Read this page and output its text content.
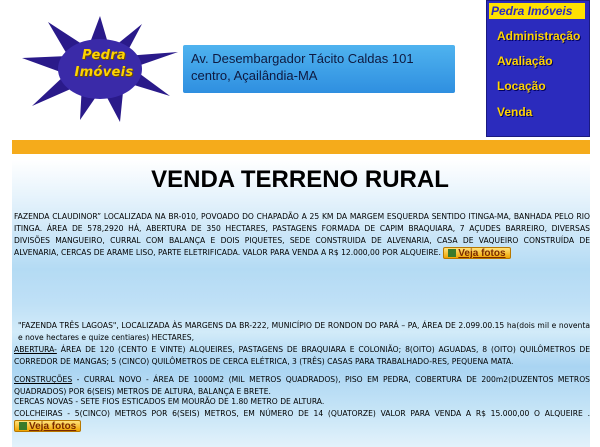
Pedra
Imóveis
Av. Desembargador Tácito Caldas 101
centro, Açailândia-MA
Pedra Imóveis
Administração
Avaliação
Locação
Venda
VENDA TERRENO RURAL
FAZENDA CLAUDINOR” LOCALIZADA NA BR-010, POVOADO DO CHAPADÃO A 25 KM DA MARGEM ESQUERDA SENTIDO ITINGA-MA, BANHADA PELO RIO ITINGA. ÁREA DE 578,2920 HÁ, ABERTURA DE 350 HECTARES, PASTAGENS FORMADA DE CAPIM BRAQUIARA, 7 AÇUDES BARREIRO, DIVERSAS DIVISÕES MANGUEIRO, CURRAL COM BALANÇA E DOIS PIQUETES, SEDE CONSTRUIDA DE ALVENARIA, CASA DE VAQUEIRO CONSTRUÍDA DE ALVENARIA, CERCAS DE ARAME LISO, PARTE ELETRIFICADA. VALOR PARA VENDA A R$ 12.000,00 POR ALQUEIRE. Veja fotos
"FAZENDA TRÊS LAGOAS", LOCALIZADA ÀS MARGENS DA BR-222, MUNICÍPIO DE RONDON DO PARÁ – PA, ÁREA DE 2.099.00.15 ha(dois mil e noventa e nove hectares e quize centiares) HECTARES,
ABERTURA- ÁREA DE 120 (CENTO E VINTE) ALQUEIRES, PASTAGENS DE BRAQUIARA E COLONIÃO; 8(OITO) AGUADAS, 8 (OITO) QUILÔMETROS DE CORREDOR DE MANGAS; 5 (CINCO) QUILÔMETROS DE CERCA ELÉTRICA, 3 (TRÊS) CASAS PARA TRABALHADO-RES, PEQUENA MATA.
CONSTRUÇÕES - CURRAL NOVO - ÁREA DE 1000M2 (MIL METROS QUADRADOS), PISO EM PEDRA, COBERTURA DE 200m2(DUZENTOS METROS QUADRADOS) POR 6(SEIS) METROS DE ALTURA, BALANÇA E BRETE.
CERCAS NOVAS - SETE FIOS ESTICADOS EM MOURÃO DE 1.80 METRO DE ALTURA.
COLCHEIRAS - 5(CINCO) METROS POR 6(SEIS) METROS, EM NÚMERO DE 14 (QUATORZE) VALOR PARA VENDA A R$ 15.000,00 O ALQUEIRE . Veja fotos
